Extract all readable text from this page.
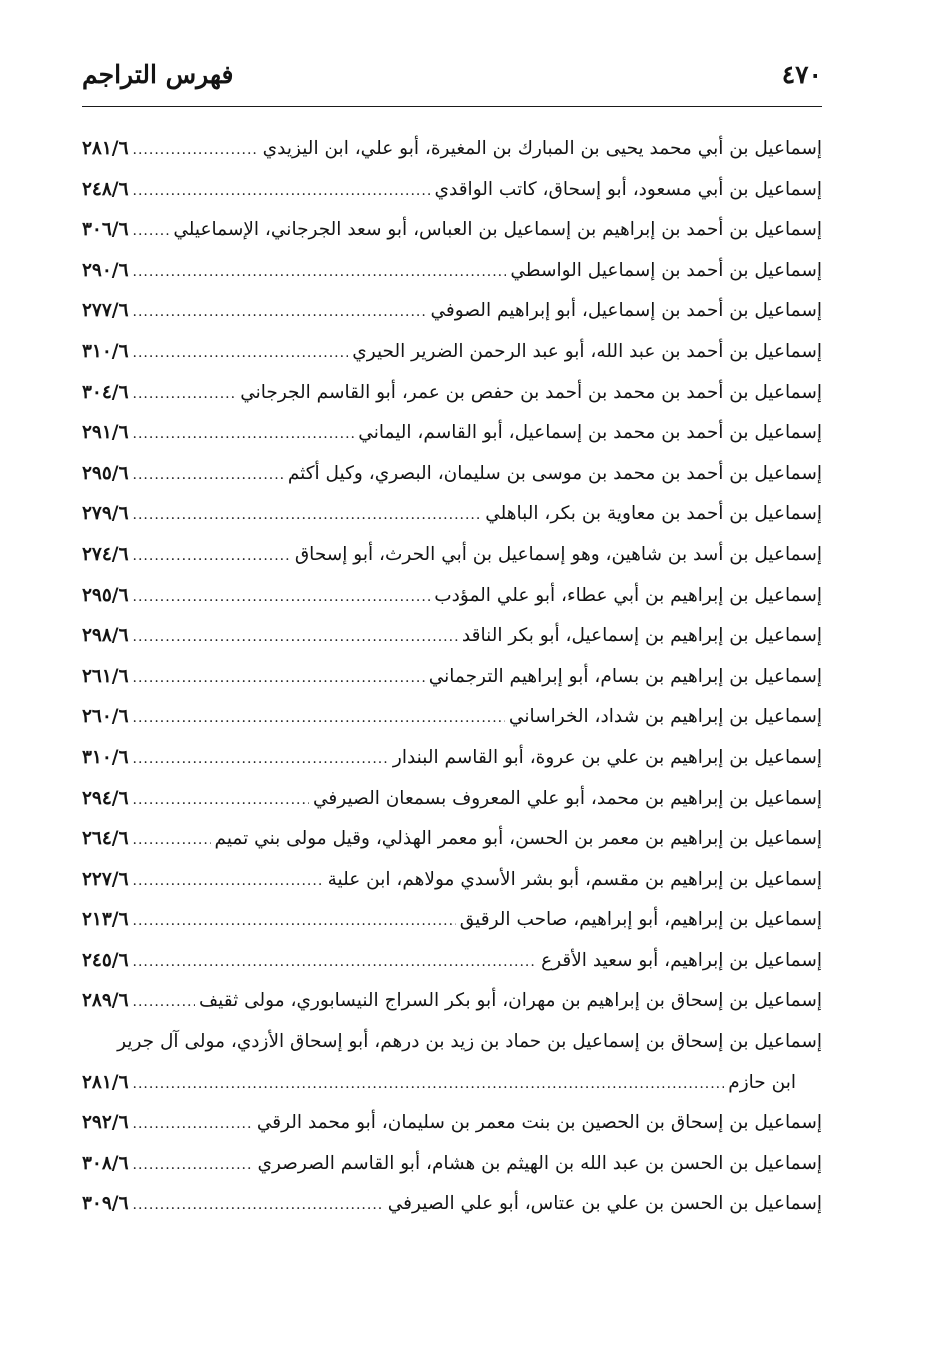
٤٧٠
فهرس التراجم
إسماعيل بن أبي محمد يحيى بن المبارك بن المغيرة، أبو علي، ابن اليزيدي
.....
٢٨١/٦
إسماعيل بن أبي مسعود، أبو إسحاق، كاتب الواقدي
.....
٢٤٨/٦
إسماعيل بن أحمد بن إبراهيم بن إسماعيل بن العباس، أبو سعد الجرجاني، الإسماعيلي
.....
٣٠٦/٦
إسماعيل بن أحمد بن إسماعيل الواسطي
.....
٢٩٠/٦
إسماعيل بن أحمد بن إسماعيل، أبو إبراهيم الصوفي
.....
٢٧٧/٦
إسماعيل بن أحمد بن عبد الله، أبو عبد الرحمن الضرير الحيري
.....
٣١٠/٦
إسماعيل بن أحمد بن محمد بن أحمد بن حفص بن عمر، أبو القاسم الجرجاني
.....
٣٠٤/٦
إسماعيل بن أحمد بن محمد بن إسماعيل، أبو القاسم، اليماني
.....
٢٩١/٦
إسماعيل بن أحمد بن محمد بن موسى بن سليمان، البصري، وكيل أكثم
.....
٢٩٥/٦
إسماعيل بن أحمد بن معاوية بن بكر، الباهلي
.....
٢٧٩/٦
إسماعيل بن أسد بن شاهين، وهو إسماعيل بن أبي الحرث، أبو إسحاق
.....
٢٧٤/٦
إسماعيل بن إبراهيم بن أبي عطاء، أبو علي المؤدب
.....
٢٩٥/٦
إسماعيل بن إبراهيم بن إسماعيل، أبو بكر الناقد
.....
٢٩٨/٦
إسماعيل بن إبراهيم بن بسام، أبو إبراهيم الترجماني
.....
٢٦١/٦
إسماعيل بن إبراهيم بن شداد، الخراساني
.....
٢٦٠/٦
إسماعيل بن إبراهيم بن علي بن عروة، أبو القاسم البندار
.....
٣١٠/٦
إسماعيل بن إبراهيم بن محمد، أبو علي المعروف بسمعان الصيرفي
.....
٢٩٤/٦
إسماعيل بن إبراهيم بن معمر بن الحسن، أبو معمر الهذلي، وقيل مولى بني تميم
.....
٢٦٤/٦
إسماعيل بن إبراهيم بن مقسم، أبو بشر الأسدي مولاهم، ابن علية
.....
٢٢٧/٦
إسماعيل بن إبراهيم، أبو إبراهيم، صاحب الرقيق
.....
٢١٣/٦
إسماعيل بن إبراهيم، أبو سعيد الأقرع
.....
٢٤٥/٦
إسماعيل بن إسحاق بن إبراهيم بن مهران، أبو بكر السراج النيسابوري، مولى ثقيف
.....
٢٨٩/٦
إسماعيل بن إسحاق بن إسماعيل بن حماد بن زيد بن درهم، أبو إسحاق الأزدي، مولى آل جرير
ابن حازم
.....
٢٨١/٦
إسماعيل بن إسحاق بن الحصين بن بنت معمر بن سليمان، أبو محمد الرقي
.....
٢٩٢/٦
إسماعيل بن الحسن بن عبد الله بن الهيثم بن هشام، أبو القاسم الصرصري
.....
٣٠٨/٦
إسماعيل بن الحسن بن علي بن عتاس، أبو علي الصيرفي
.....
٣٠٩/٦
